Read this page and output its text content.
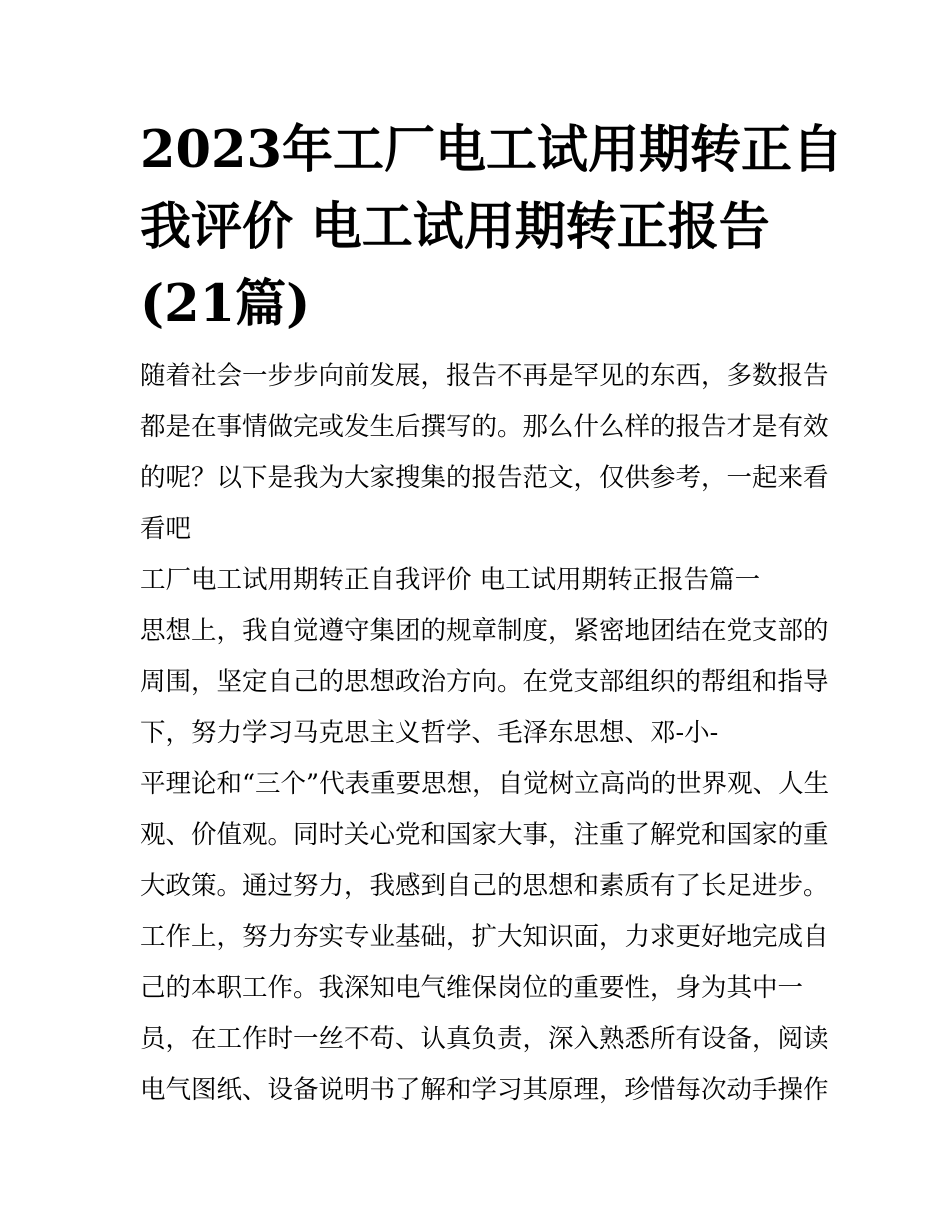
2023年工厂电工试用期转正自
我评价 电工试用期转正报告
(21篇)

随着社会一步步向前发展，报告不再是罕见的东西，多数报告
都是在事情做完或发生后撰写的。那么什么样的报告才是有效
的呢？以下是我为大家搜集的报告范文，仅供参考，一起来看
看吧

工厂电工试用期转正自我评价 电工试用期转正报告篇一

思想上，我自觉遵守集团的规章制度，紧密地团结在党支部的
周围，坚定自己的思想政治方向。在党支部组织的帮组和指导
下，努力学习马克思主义哲学、毛泽东思想、邓-小-
平理论和“三个”代表重要思想，自觉树立高尚的世界观、人生
观、价值观。同时关心党和国家大事，注重了解党和国家的重
大政策。通过努力，我感到自己的思想和素质有了长足进步。

工作上，努力夯实专业基础，扩大知识面，力求更好地完成自
己的本职工作。我深知电气维保岗位的重要性，身为其中一
员，在工作时一丝不苟、认真负责，深入熟悉所有设备，阅读
电气图纸、设备说明书了解和学习其原理，珍惜每次动手操作
